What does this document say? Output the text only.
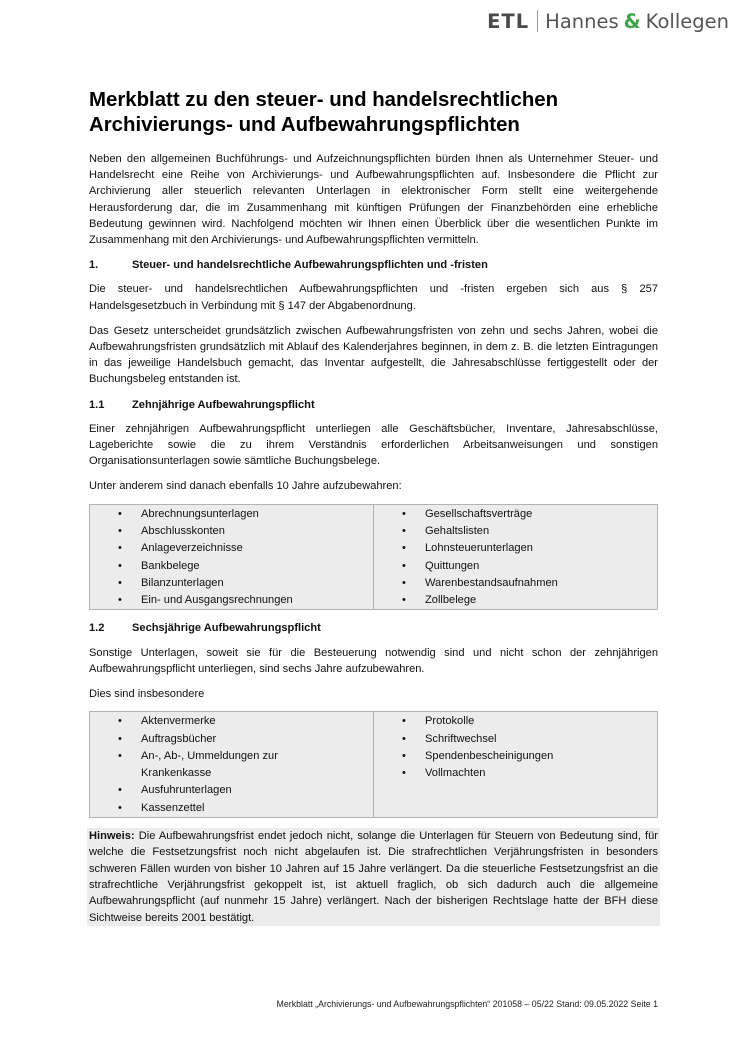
ETL Hannes & Kollegen
Merkblatt zu den steuer- und handelsrechtlichen
Archivierungs- und Aufbewahrungspflichten

Neben den allgemeinen Buchführungs- und Aufzeichnungspflichten bürden Ihnen als Unternehmer Steuer- und Handelsrecht eine Reihe von Archivierungs- und Aufbewahrungspflichten auf. Insbesondere die Pflicht zur Archivierung aller steuerlich relevanten Unterlagen in elektronischer Form stellt eine weitergehende Herausforderung dar, die im Zusammenhang mit künftigen Prüfungen der Finanzbehörden eine erhebliche Bedeutung gewinnen wird. Nachfolgend möchten wir Ihnen einen Überblick über die wesentlichen Punkte im Zusammenhang mit den Archivierungs- und Aufbewahrungspflichten vermitteln.

1.	Steuer- und handelsrechtliche Aufbewahrungspflichten und -fristen

Die steuer- und handelsrechtlichen Aufbewahrungspflichten und -fristen ergeben sich aus § 257 Handelsgesetzbuch in Verbindung mit § 147 der Abgabenordnung.

Das Gesetz unterscheidet grundsätzlich zwischen Aufbewahrungsfristen von zehn und sechs Jahren, wobei die Aufbewahrungsfristen grundsätzlich mit Ablauf des Kalenderjahres beginnen, in dem z. B. die letzten Eintragungen in das jeweilige Handelsbuch gemacht, das Inventar aufgestellt, die Jahresabschlüsse fertiggestellt oder der Buchungsbeleg entstanden ist.

1.1	Zehnjährige Aufbewahrungspflicht

Einer zehnjährigen Aufbewahrungspflicht unterliegen alle Geschäftsbücher, Inventare, Jahresabschlüsse, Lageberichte sowie die zu ihrem Verständnis erforderlichen Arbeitsanweisungen und sonstigen Organisationsunterlagen sowie sämtliche Buchungsbelege.

Unter anderem sind danach ebenfalls 10 Jahre aufzubewahren:

• Abrechnungsunterlagen
• Abschlusskonten
• Anlageverzeichnisse
• Bankbelege
• Bilanzunterlagen
• Ein- und Ausgangsrechnungen
• Gesellschaftsverträge
• Gehaltslisten
• Lohnsteuerunterlagen
• Quittungen
• Warenbestandsaufnahmen
• Zollbelege
1.2	Sechsjährige Aufbewahrungspflicht

Sonstige Unterlagen, soweit sie für die Besteuerung notwendig sind und nicht schon der zehnjährigen Aufbewahrungspflicht unterliegen, sind sechs Jahre aufzubewahren.

Dies sind insbesondere

• Aktenvermerke
• Auftragsbücher
• An-, Ab-, Ummeldungen zur Krankenkasse
• Ausfuhrunterlagen
• Kassenzettel
• Protokolle
• Schriftwechsel
• Spendenbescheinigungen
• Vollmachten
Hinweis: Die Aufbewahrungsfrist endet jedoch nicht, solange die Unterlagen für Steuern von Bedeutung sind, für welche die Festsetzungsfrist noch nicht abgelaufen ist. Die strafrechtlichen Verjährungsfristen in besonders schweren Fällen wurden von bisher 10 Jahren auf 15 Jahre verlängert. Da die steuerliche Festsetzungsfrist an die strafrechtliche Verjährungsfrist gekoppelt ist, ist aktuell fraglich, ob sich dadurch auch die allgemeine Aufbewahrungspflicht (auf nunmehr 15 Jahre) verlängert. Nach der bisherigen Rechtslage hatte der BFH diese Sichtweise bereits 2001 bestätigt.
Merkblatt „Archivierungs- und Aufbewahrungspflichten“ 201058 – 05/22 Stand: 09.05.2022 Seite 1
